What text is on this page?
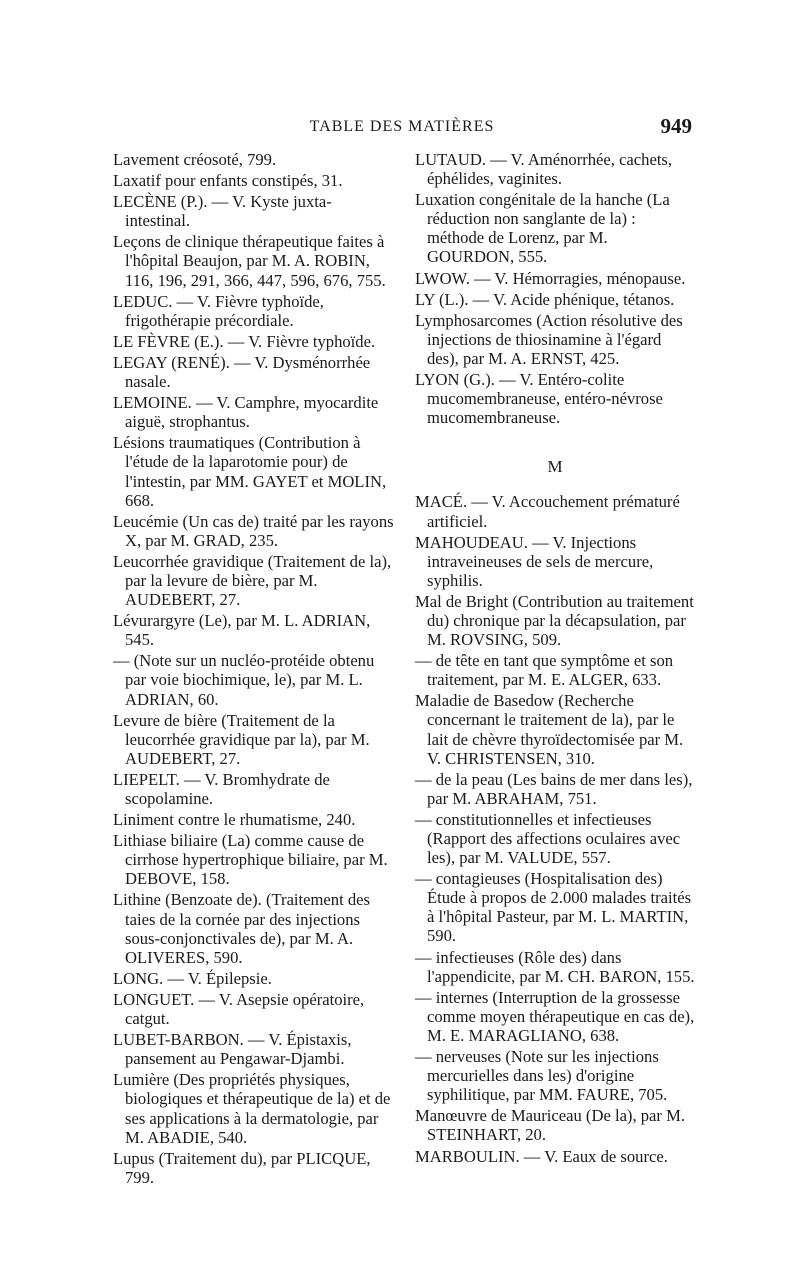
TABLE DES MATIÈRES	949

Lavement créosoté, 799.

Laxatif pour enfants constipés, 31.

LECÈNE (P.). — V. Kyste juxta-intestinal.

Leçons de clinique thérapeutique faites à l'hôpital Beaujon, par M. A. ROBIN, 116, 196, 291, 366, 447, 596, 676, 755.

LEDUC. — V. Fièvre typhoïde, frigothérapie précordiale.

LE FÈVRE (E.). — V. Fièvre typhoïde.

LEGAY (RENÉ). — V. Dysménorrhée nasale.

LEMOINE. — V. Camphre, myocardite aiguë, strophantus.

Lésions traumatiques (Contribution à l'étude de la laparotomie pour) de l'intestin, par MM. GAYET et MOLIN, 668.

Leucémie (Un cas de) traité par les rayons X, par M. GRAD, 235.

Leucorrhée gravidique (Traitement de la), par la levure de bière, par M. AUDEBERT, 27.

Lévurargyre (Le), par M. L. ADRIAN, 545.

— (Note sur un nucléo-protéide obtenu par voie biochimique, le), par M. L. ADRIAN, 60.

Levure de bière (Traitement de la leucorrhée gravidique par la), par M. AUDEBERT, 27.

LIEPELT. — V. Bromhydrate de scopolamine.

Liniment contre le rhumatisme, 240.

Lithiase biliaire (La) comme cause de cirrhose hypertrophique biliaire, par M. DEBOVE, 158.

Lithine (Benzoate de). (Traitement des taies de la cornée par des injections sous-conjonctivales de), par M. A. OLIVERES, 590.

LONG. — V. Épilepsie.

LONGUET. — V. Asepsie opératoire, catgut.

LUBET-BARBON. — V. Épistaxis, pansement au Pengawar-Djambi.

Lumière (Des propriétés physiques, biologiques et thérapeutique de la) et de ses applications à la dermatologie, par M. ABADIE, 540.

Lupus (Traitement du), par PLICQUE, 799.

LUTAUD. — V. Aménorrhée, cachets, éphélides, vaginites.

Luxation congénitale de la hanche (La réduction non sanglante de la) : méthode de Lorenz, par M. GOURDON, 555.

LWOW. — V. Hémorragies, ménopause.

LY (L.). — V. Acide phénique, tétanos.

Lymphosarcomes (Action résolutive des injections de thiosinamine à l'égard des), par M. A. ERNST, 425.

LYON (G.). — V. Entéro-colite mucomembraneuse, entéro-névrose mucomembraneuse.

M

MACÉ. — V. Accouchement prématuré artificiel.

MAHOUDEAU. — V. Injections intraveineuses de sels de mercure, syphilis.

Mal de Bright (Contribution au traitement du) chronique par la décapsulation, par M. ROVSING, 509.

— de tête en tant que symptôme et son traitement, par M. E. ALGER, 633.

Maladie de Basedow (Recherche concernant le traitement de la), par le lait de chèvre thyroïdectomisée par M. V. CHRISTENSEN, 310.

— de la peau (Les bains de mer dans les), par M. ABRAHAM, 751.

— constitutionnelles et infectieuses (Rapport des affections oculaires avec les), par M. VALUDE, 557.

— contagieuses (Hospitalisation des) Étude à propos de 2.000 malades traités à l'hôpital Pasteur, par M. L. MARTIN, 590.

— infectieuses (Rôle des) dans l'appendicite, par M. CH. BARON, 155.

— internes (Interruption de la grossesse comme moyen thérapeutique en cas de), M. E. MARAGLIANO, 638.

— nerveuses (Note sur les injections mercurielles dans les) d'origine syphilitique, par MM. FAURE, 705.

Manœuvre de Mauriceau (De la), par M. STEINHART, 20.

MARBOULIN. — V. Eaux de source.
